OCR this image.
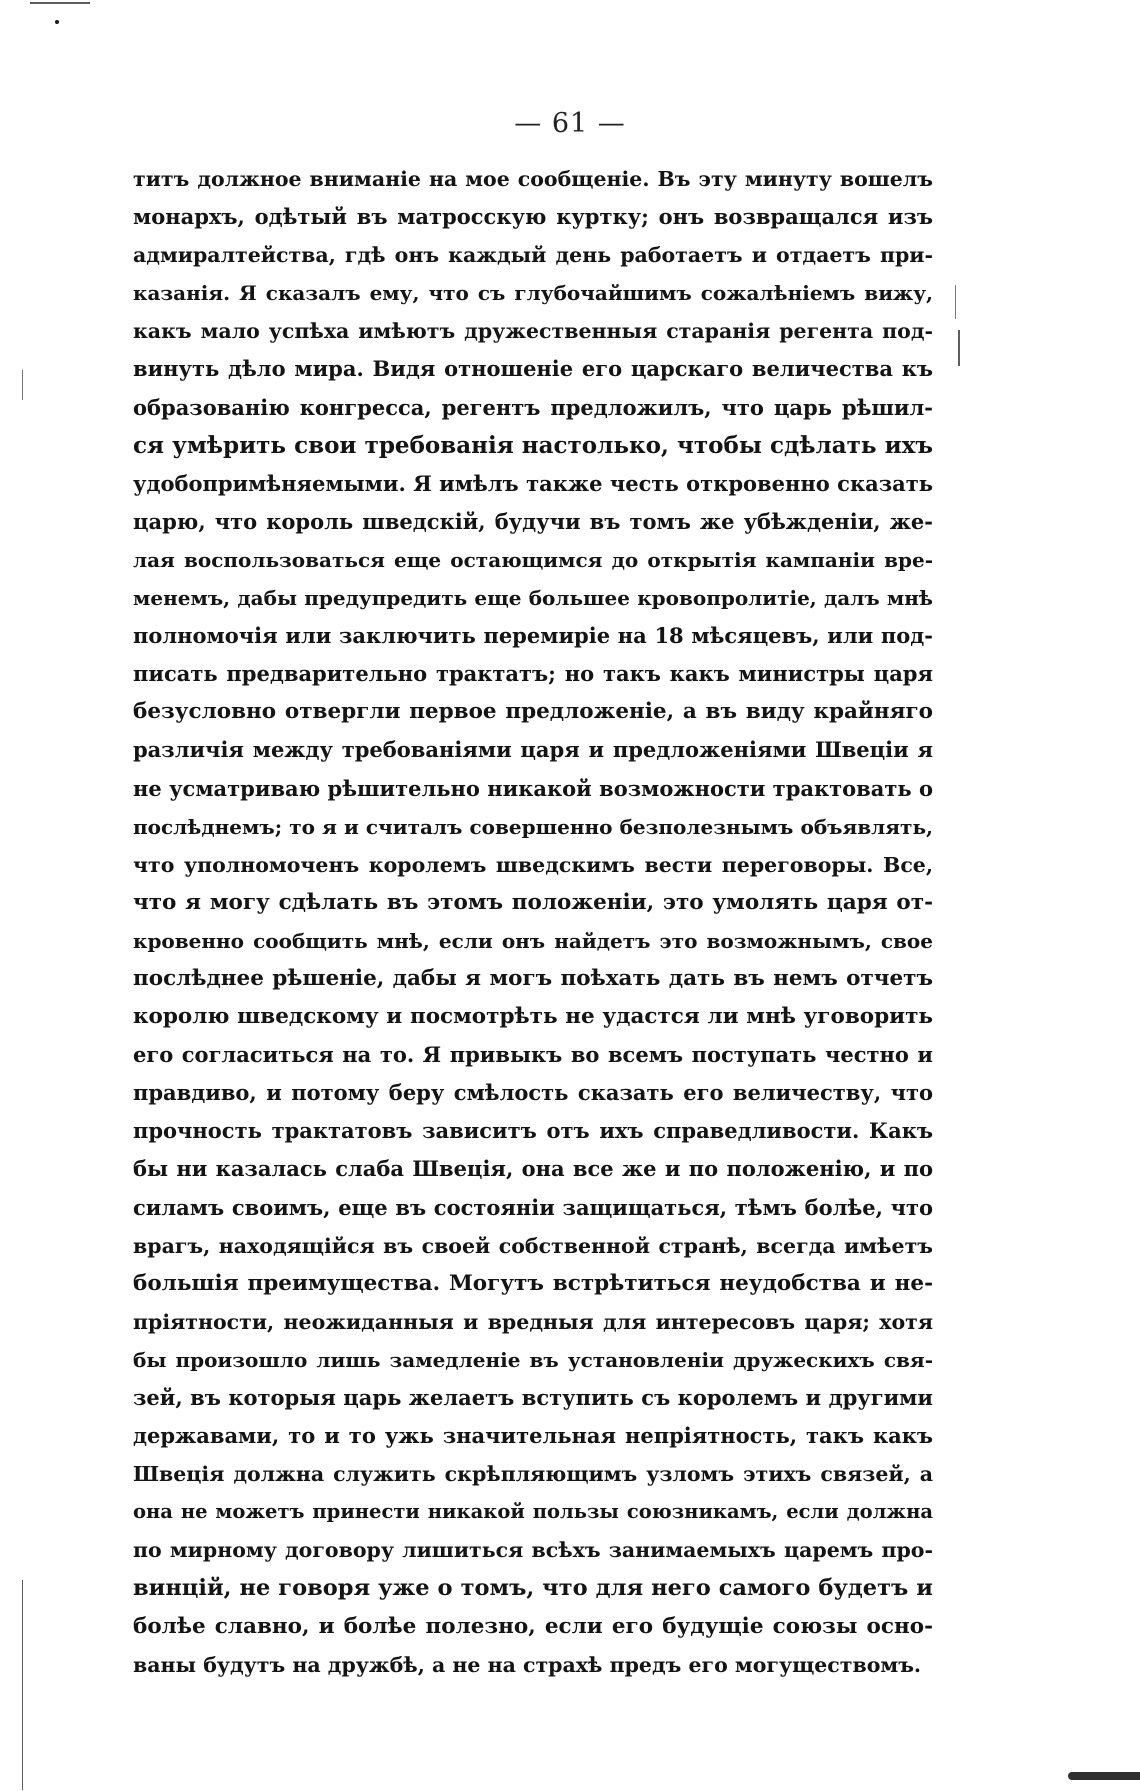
— 61 —
титъ должное вниманіе на мое сообщеніе. Въ эту минуту вошелъ
монархъ, одѣтый въ матросскую куртку; онъ возвращался изъ
адмиралтейства, гдѣ онъ каждый день работаетъ и отдаетъ при-
казанія. Я сказалъ ему, что съ глубочайшимъ сожалѣніемъ вижу,
какъ мало успѣха имѣютъ дружественныя старанія регента под-
винуть дѣло мира. Видя отношеніе его царскаго величества къ
образованію конгресса, регентъ предложилъ, что царь рѣшил-
ся умѣрить свои требованія настолько, чтобы сдѣлать ихъ
удобопримѣняемыми. Я имѣлъ также честь откровенно сказать
царю, что король шведскій, будучи въ томъ же убѣжденіи, же-
лая воспользоваться еще остающимся до открытія кампаніи вре-
менемъ, дабы предупредить еще большее кровопролитіе, далъ мнѣ
полномочія или заключить перемиріе на 18 мѣсяцевъ, или под-
писать предварительно трактатъ; но такъ какъ министры царя
безусловно отвергли первое предложеніе, а въ виду крайняго
различія между требованіями царя и предложеніями Швеціи я
не усматриваю рѣшительно никакой возможности трактовать о
послѣднемъ; то я и считалъ совершенно безполезнымъ объявлять,
что уполномоченъ королемъ шведскимъ вести переговоры. Все,
что я могу сдѣлать въ этомъ положеніи, это умолять царя от-
кровенно сообщить мнѣ, если онъ найдетъ это возможнымъ, свое
послѣднее рѣшеніе, дабы я могъ поѣхать дать въ немъ отчетъ
королю шведскому и посмотрѣть не удастся ли мнѣ уговорить
его согласиться на то. Я привыкъ во всемъ поступать честно и
правдиво, и потому беру смѣлость сказать его величеству, что
прочность трактатовъ зависитъ отъ ихъ справедливости. Какъ
бы ни казалась слаба Швеція, она все же и по положенію, и по
силамъ своимъ, еще въ состояніи защищаться, тѣмъ болѣе, что
врагъ, находящійся въ своей собственной странѣ, всегда имѣетъ
большія преимущества. Могутъ встрѣтиться неудобства и не-
пріятности, неожиданныя и вредныя для интересовъ царя; хотя
бы произошло лишь замедленіе въ установленіи дружескихъ свя-
зей, въ которыя царь желаетъ вступить съ королемъ и другими
державами, то и то ужь значительная непріятность, такъ какъ
Швеція должна служить скрѣпляющимъ узломъ этихъ связей, а
она не можетъ принести никакой пользы союзникамъ, если должна
по мирному договору лишиться всѣхъ занимаемыхъ царемъ про-
винцій, не говоря уже о томъ, что для него самого будетъ и
болѣе славно, и болѣе полезно, если его будущіе союзы осно-
ваны будутъ на дружбѣ, а не на страхѣ предъ его могуществомъ.
